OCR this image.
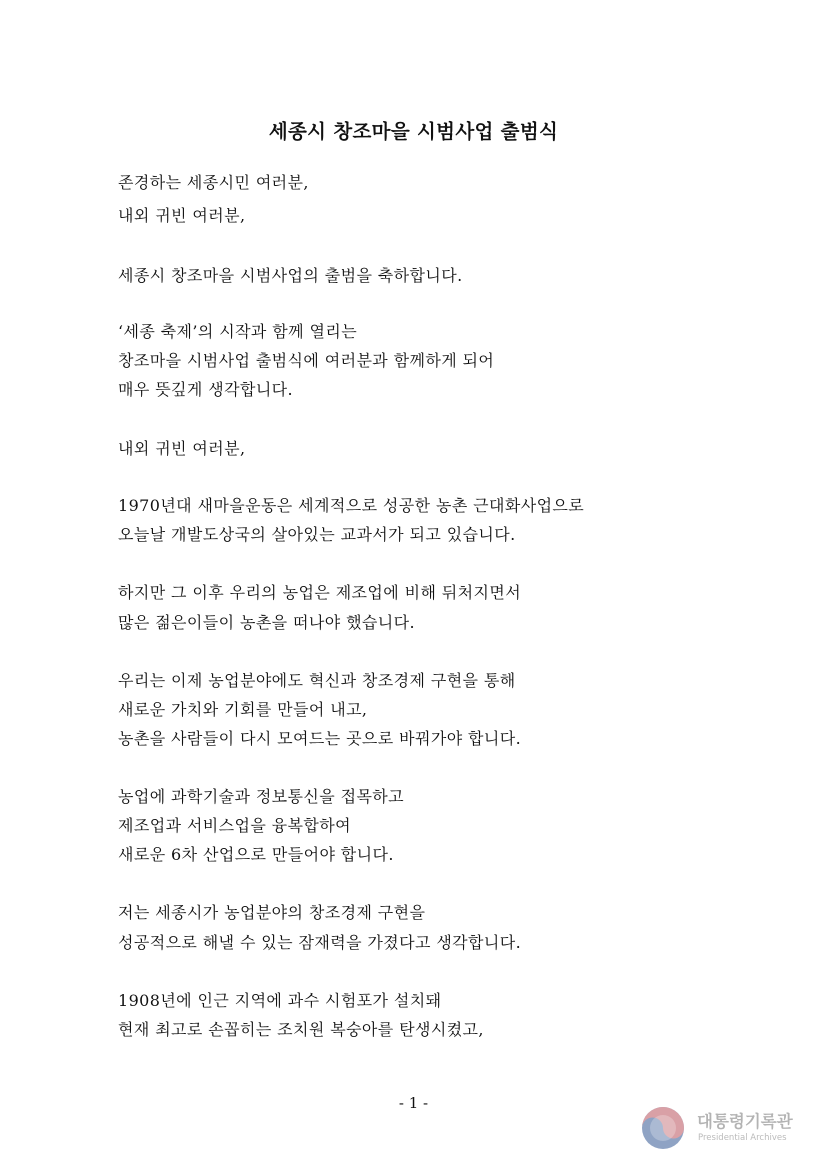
세종시 창조마을 시범사업 출범식
존경하는 세종시민 여러분,
내외 귀빈 여러분,
세종시 창조마을 시범사업의 출범을 축하합니다.
‘세종 축제’의 시작과 함께 열리는
창조마을 시범사업 출범식에 여러분과 함께하게 되어
매우 뜻깊게 생각합니다.
내외 귀빈 여러분,
1970년대 새마을운동은 세계적으로 성공한 농촌 근대화사업으로
오늘날 개발도상국의 살아있는 교과서가 되고 있습니다.
하지만 그 이후 우리의 농업은 제조업에 비해 뒤처지면서
많은 젊은이들이 농촌을 떠나야 했습니다.
우리는 이제 농업분야에도 혁신과 창조경제 구현을 통해
새로운 가치와 기회를 만들어 내고,
농촌을 사람들이 다시 모여드는 곳으로 바꿔가야 합니다.
농업에 과학기술과 정보통신을 접목하고
제조업과 서비스업을 융복합하여
새로운 6차 산업으로 만들어야 합니다.
저는 세종시가 농업분야의 창조경제 구현을
성공적으로 해낼 수 있는 잠재력을 가졌다고 생각합니다.
1908년에 인근 지역에 과수 시험포가 설치돼
현재 최고로 손꼽히는 조치원 복숭아를 탄생시켰고,
- 1 -
대통령기록관
Presidential Archives
